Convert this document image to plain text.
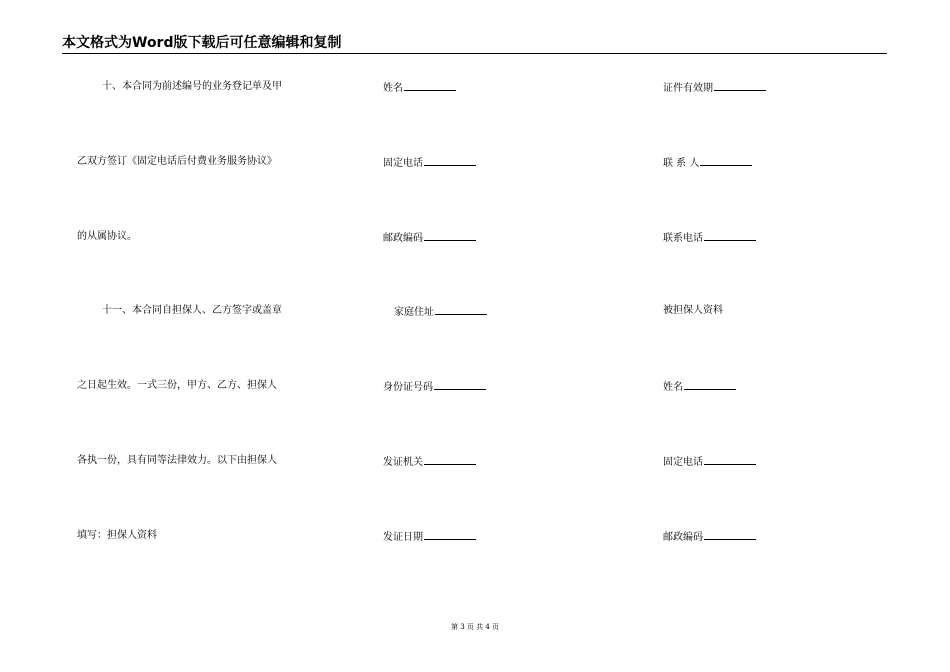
本文格式为Word版下载后可任意编辑和复制
十、本合同为前述编号的业务登记单及甲
乙双方签订《固定电话后付费业务服务协议》
的从属协议。
十一、本合同自担保人、乙方签字或盖章
之日起生效。一式三份，甲方、乙方、担保人
各执一份，具有同等法律效力。以下由担保人
填写：担保人资料
姓名
固定电话
邮政编码
家庭住址
身份证号码
发证机关
发证日期
证件有效期
联 系 人
联系电话
被担保人资料
姓名
固定电话
邮政编码
第 3 页 共 4 页
